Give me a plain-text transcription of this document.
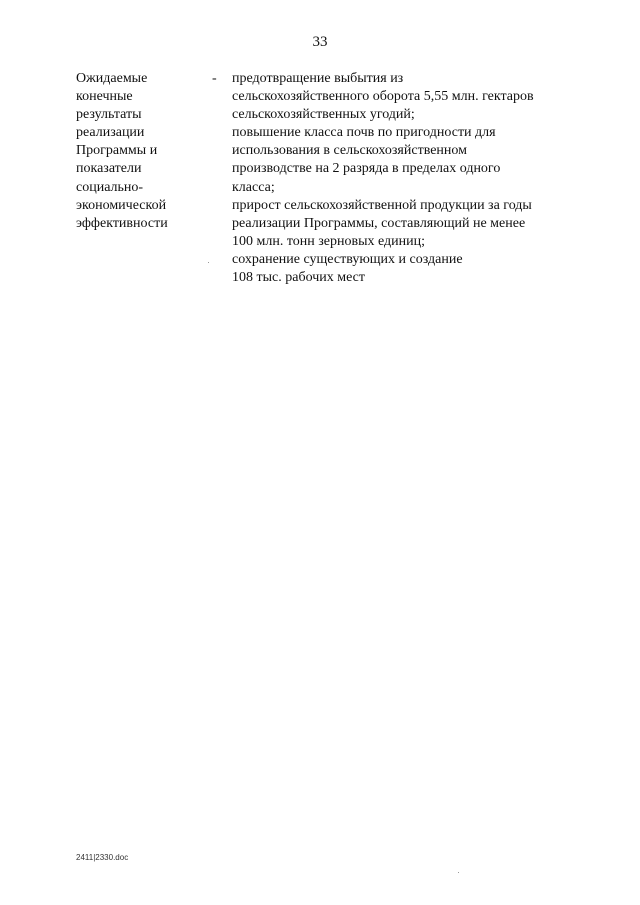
33
Ожидаемые
конечные
результаты
реализации
Программы и
показатели
социально-
экономической
эффективности
- предотвращение выбытия из
сельскохозяйственного оборота 5,55 млн. гектаров
сельскохозяйственных угодий;
повышение класса почв по пригодности для
использования в сельскохозяйственном
производстве на 2 разряда в пределах одного
класса;
прирост сельскохозяйственной продукции за годы
реализации Программы, составляющий не менее
100 млн. тонн зерновых единиц;
сохранение существующих и создание
108 тыс. рабочих мест
2411|2330.doc
